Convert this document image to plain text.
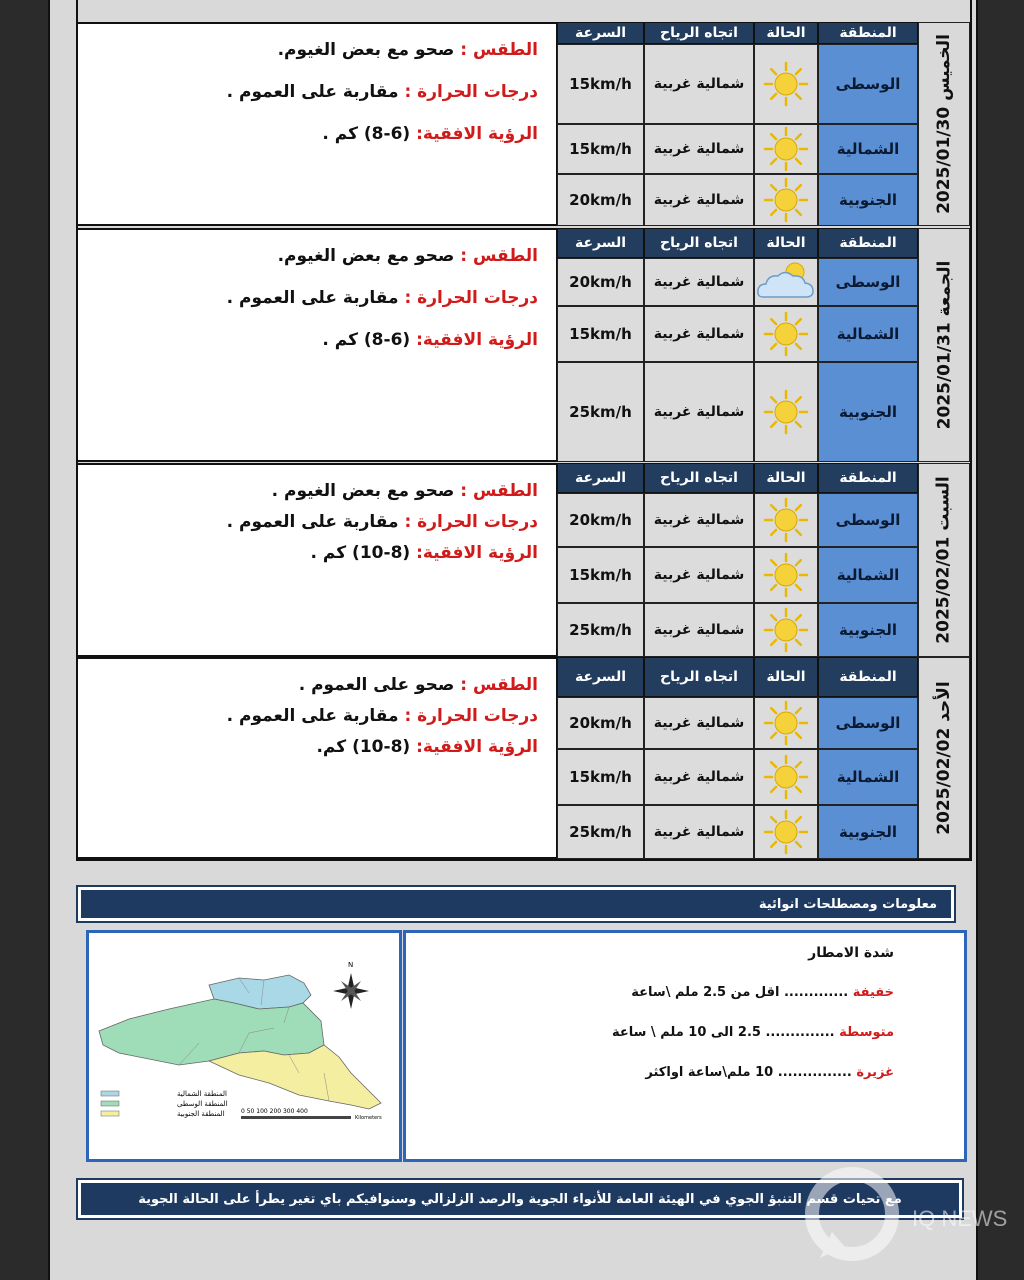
الطقس : صحو مع بعض الغيوم.
درجات الحرارة : مقاربة على العموم .
الرؤية الافقية: (6-8) كم .	الخميس 2025/01/30
السرعة اتجاه الرياح الحالة المنطقة
15km/h شمالية غربية	الوسطى
15km/h شمالية غربية	الشمالية
20km/h شمالية غربية	الجنوبية
الطقس : صحو مع بعض الغيوم.
درجات الحرارة : مقاربة على العموم .
الرؤية الافقية: (6-8) كم .	الجمعة 2025/01/31
السرعة اتجاه الرياح الحالة المنطقة
20km/h شمالية غربية	الوسطى
15km/h شمالية غربية	الشمالية
25km/h شمالية غربية	الجنوبية
الطقس : صحو مع بعض الغيوم .
درجات الحرارة : مقاربة على العموم .
الرؤية الافقية: (8-10) كم .	السبت 2025/02/01
السرعة اتجاه الرياح الحالة المنطقة
20km/h شمالية غربية	الوسطى
15km/h شمالية غربية	الشمالية
25km/h شمالية غربية	الجنوبية
الطقس : صحو على العموم .
درجات الحرارة : مقاربة على العموم .
الرؤية الافقية: (8-10) كم.	الأحد 2025/02/02
السرعة اتجاه الرياح الحالة المنطقة
20km/h شمالية غربية	الوسطى
15km/h شمالية غربية	الشمالية
25km/h شمالية غربية	الجنوبية
معلومات ومصطلحات انوائية
N
المنطقة الشمالية
المنطقة الوسطى
المنطقة الجنوبية	0 50 100 200 300 400
Kilometers
شدة الامطار
خفيفة ............. اقل من 2.5 ملم \ساعة
متوسطة .............. 2.5 الى 10 ملم \ ساعة
غزيرة ............... 10 ملم\ساعة اواكثر
مع تحيات قسم التنبؤ الجوي في الهيئة العامة للأنواء الجوية والرصد الزلزالي وسنوافيكم باي تغير يطرأ على الحالة الجوية
IQ NEWS
